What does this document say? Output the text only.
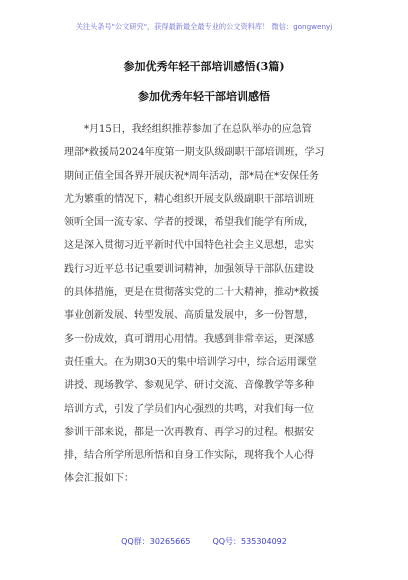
关注头条号"公文研究"，获得最新最全最专业的公文资料库！ 微信：gongwenyj
参加优秀年轻干部培训感悟(3篇)
参加优秀年轻干部培训感悟
*月15日，我经组织推荐参加了在总队举办的应急管
理部*救援局2024年度第一期支队级副职干部培训班，学习
期间正值全国各界开展庆祝*周年活动，部*局在*安保任务
尤为繁重的情况下，精心组织开展支队级副职干部培训班
领听全国一流专家、学者的授课，希望我们能学有所成，
这是深入贯彻习近平新时代中国特色社会主义思想，忠实
践行习近平总书记重要训词精神，加强领导干部队伍建设
的具体措施，更是在贯彻落实党的二十大精神，推动*救援
事业创新发展、转型发展、高质量发展中，多一份智慧，
多一份成效，真可谓用心用情。我感到非常幸运，更深感
责任重大。在为期30天的集中培训学习中，综合运用课堂
讲授、现场教学、参观见学、研讨交流、音像教学等多种
培训方式，引发了学员们内心强烈的共鸣，对我们每一位
参训干部来说，都是一次再教育、再学习的过程。根据安
排，结合所学所思所悟和自身工作实际，现将我个人心得
体会汇报如下：
QQ群：30265665	QQ号：535304092
